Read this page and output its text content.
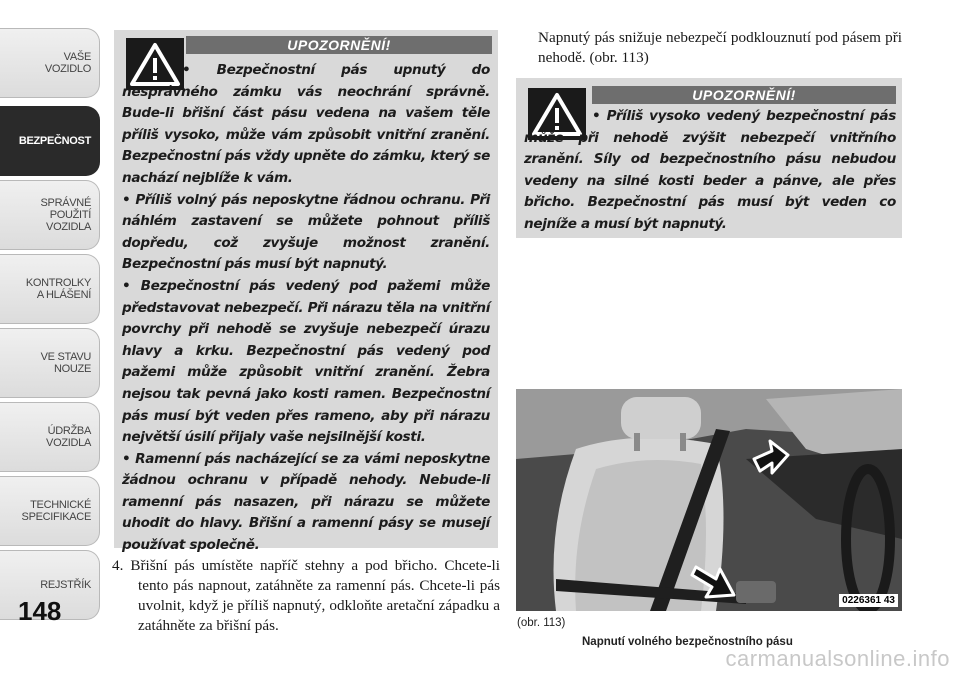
VAŠE
VOZIDLO
BEZPEČNOST
SPRÁVNÉ
POUŽITÍ
VOZIDLA
KONTROLKY
A HLÁŠENÍ
VE STAVU
NOUZE
ÚDRŽBA
VOZIDLA
TECHNICKÉ
SPECIFIKACE
REJSTŘÍK
148
UPOZORNĚNÍ!

• Bezpečnostní pás upnutý do nesprávného zámku vás neochrání správně. Bude-li břišní část pásu vedena na vašem těle příliš vysoko, může vám způsobit vnitřní zranění. Bezpečnostní pás vždy upněte do zámku, který se nachází nejblíže k vám.

• Příliš volný pás neposkytne řádnou ochranu. Při náhlém zastavení se můžete pohnout příliš dopředu, což zvyšuje možnost zranění. Bezpečnostní pás musí být napnutý.

• Bezpečnostní pás vedený pod pažemi může představovat nebezpečí. Při nárazu těla na vnitřní povrchy při nehodě se zvyšuje nebezpečí úrazu hlavy a krku. Bezpečnostní pás vedený pod pažemi může způsobit vnitřní zranění. Žebra nejsou tak pevná jako kosti ramen. Bezpečnostní pás musí být veden přes rameno, aby při nárazu největší úsilí přijaly vaše nejsilnější kosti.

• Ramenní pás nacházející se za vámi neposkytne žádnou ochranu v případě nehody. Nebude-li ramenní pás nasazen, při nárazu se můžete uhodit do hlavy. Břišní a ramenní pásy se musejí používat společně.

4. Břišní pás umístěte napříč stehny a pod břicho. Chcete-li tento pás napnout, zatáhněte za ramenní pás. Chcete-li pás uvolnit, když je příliš napnutý, odkloňte aretační západku a zatáhněte za břišní pás.

Napnutý pás snižuje nebezpečí podklouznutí pod pásem při nehodě. (obr. 113)

UPOZORNĚNÍ!

• Příliš vysoko vedený bezpečnostní pás může při nehodě zvýšit nebezpečí vnitřního zranění. Síly od bezpečnostního pásu nebudou vedeny na silné kosti beder a pánve, ale přes břicho. Bezpečnostní pás musí být veden co nejníže a musí být napnutý.

0226361 43
(obr. 113)
Napnutí volného bezpečnostního pásu
carmanualsonline.info
